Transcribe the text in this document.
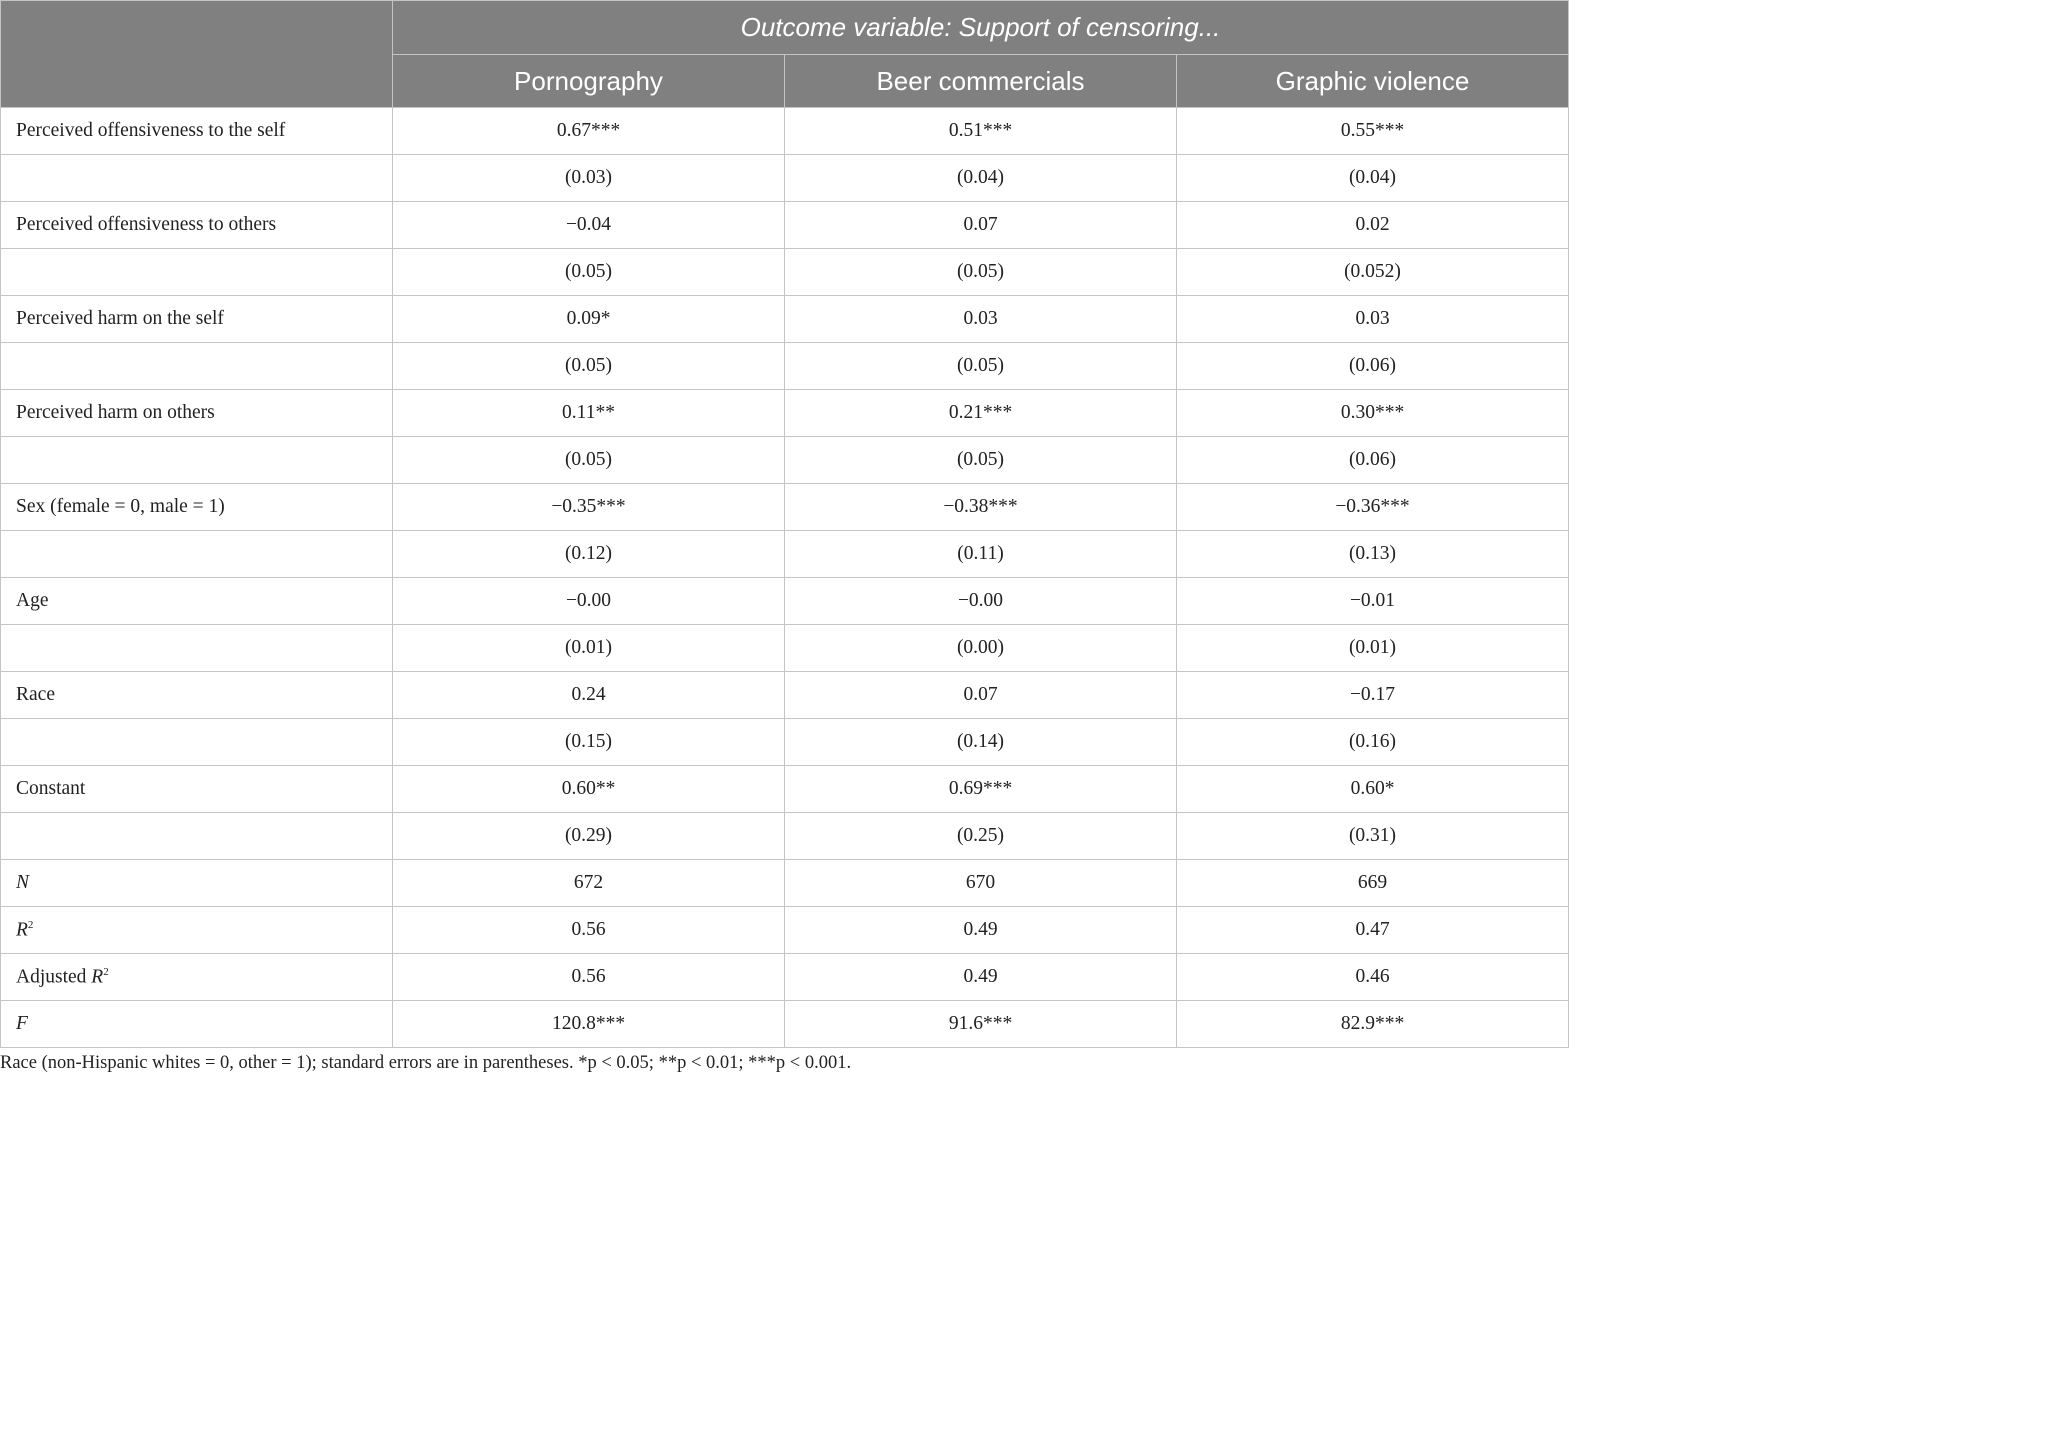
	Outcome variable: Support of censoring...		
	Pornography	Beer commercials	Graphic violence
Perceived offensiveness to the self	0.67***	0.51***	0.55***
	(0.03)	(0.04)	(0.04)
Perceived offensiveness to others	−0.04	0.07	0.02
	(0.05)	(0.05)	(0.052)
Perceived harm on the self	0.09*	0.03	0.03
	(0.05)	(0.05)	(0.06)
Perceived harm on others	0.11**	0.21***	0.30***
	(0.05)	(0.05)	(0.06)
Sex (female = 0, male = 1)	−0.35***	−0.38***	−0.36***
	(0.12)	(0.11)	(0.13)
Age	−0.00	−0.00	−0.01
	(0.01)	(0.00)	(0.01)
Race	0.24	0.07	−0.17
	(0.15)	(0.14)	(0.16)
Constant	0.60**	0.69***	0.60*
	(0.29)	(0.25)	(0.31)
N	672	670	669
$R^2$	0.56	0.49	0.47
Adjusted $R^2$	0.56	0.49	0.46
F	120.8***	91.6***	82.9***
Race (non-Hispanic whites = 0, other = 1); standard errors are in parentheses. *p < 0.05; **p < 0.01; ***p < 0.001.
